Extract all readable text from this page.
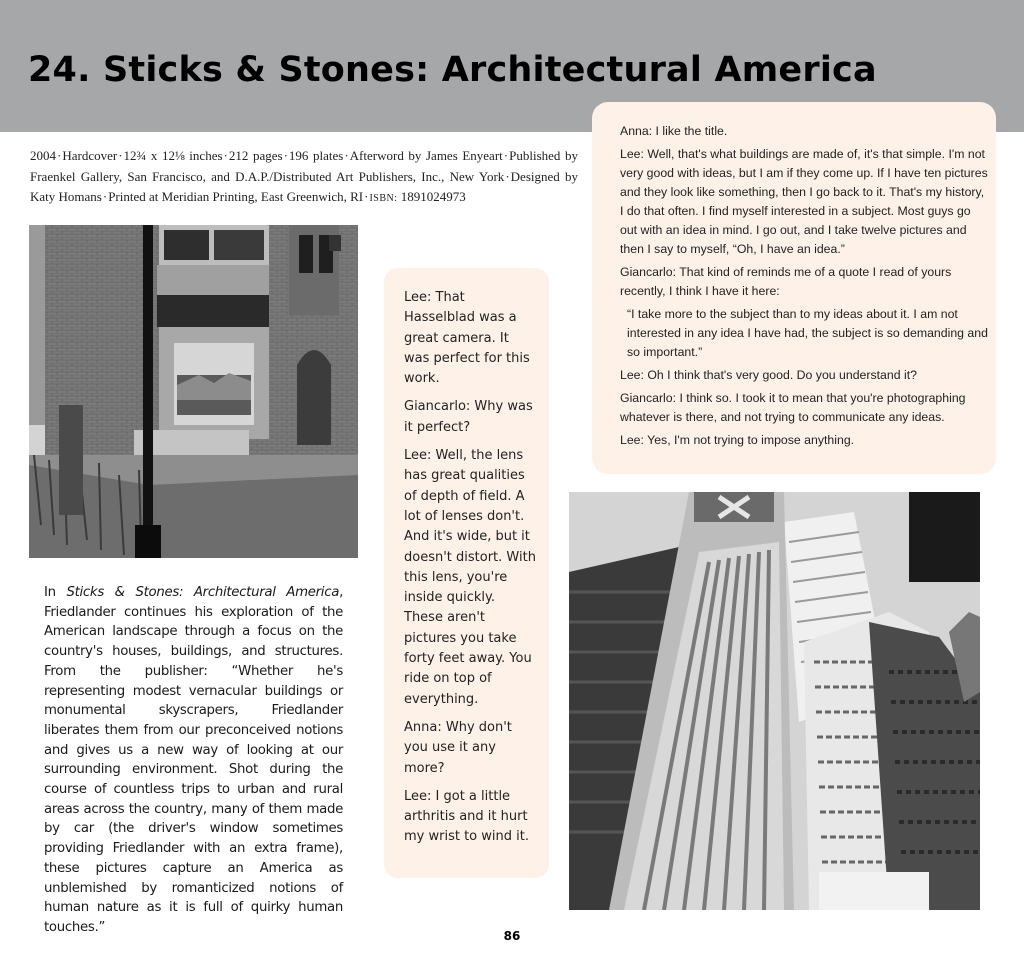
24. Sticks & Stones: Architectural America
2004·Hardcover·12¾ x 12⅛ inches·212 pages·196 plates·Afterword by James Enyeart·Published by Fraenkel Gallery, San Francisco, and D.A.P./Distributed Art Publishers, Inc., New York·Designed by Katy Homans·Printed at Meridian Printing, East Greenwich, RI·ISBN: 1891024973
In Sticks & Stones: Architectural America, Friedlander continues his exploration of the American landscape through a focus on the country's houses, buildings, and structures. From the publisher: “Whether he's representing modest vernacular buildings or monumental skyscrapers, Friedlander liberates them from our preconceived notions and gives us a new way of looking at our surrounding environment. Shot during the course of countless trips to urban and rural areas across the country, many of them made by car (the driver's window sometimes providing Friedlander with an extra frame), these pictures capture an America as unblemished by romanticized notions of human nature as it is full of quirky human touches.”

Lee: That Hasselblad was a great camera. It was perfect for this work.

Giancarlo: Why was it perfect?

Lee: Well, the lens has great qualities of depth of field. A lot of lenses don't. And it's wide, but it doesn't distort. With this lens, you're inside quickly. These aren't pictures you take forty feet away. You ride on top of everything.

Anna: Why don't you use it any more?

Lee: I got a little arthritis and it hurt my wrist to wind it.

Anna: I like the title.

Lee: Well, that's what buildings are made of, it's that simple. I'm not very good with ideas, but I am if they come up. If I have ten pictures and they look like something, then I go back to it. That's my history, I do that often. I find myself interested in a subject. Most guys go out with an idea in mind. I go out, and I take twelve pictures and then I say to myself, “Oh, I have an idea.”

Giancarlo: That kind of reminds me of a quote I read of yours recently, I think I have it here:

“I take more to the subject than to my ideas about it. I am not interested in any idea I have had, the subject is so demanding and so important.”

Lee: Oh I think that's very good. Do you understand it?

Giancarlo: I think so. I took it to mean that you're photographing whatever is there, and not trying to communicate any ideas.

Lee: Yes, I'm not trying to impose anything.

86
